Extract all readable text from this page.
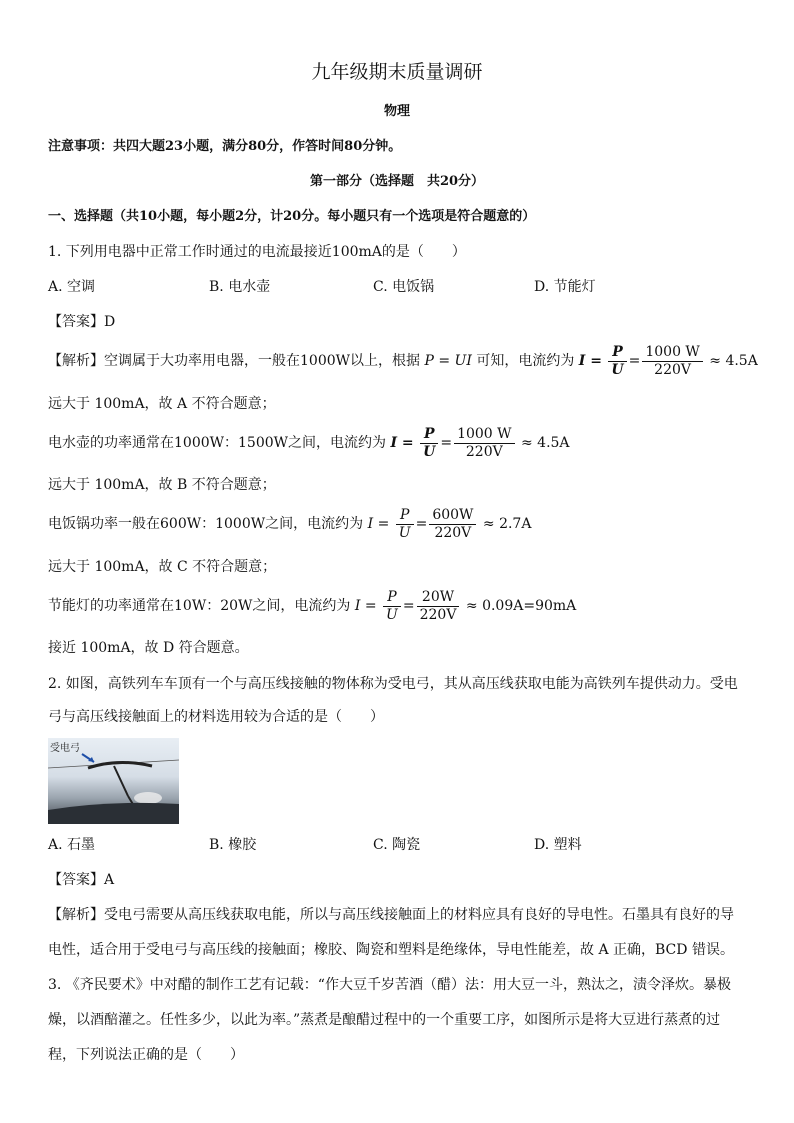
九年级期末质量调研
物理
注意事项：共四大题23小题，满分80分，作答时间80分钟。
第一部分（选择题　共20分）
一、选择题（共10小题，每小题2分，计20分。每小题只有一个选项是符合题意的）
1. 下列用电器中正常工作时通过的电流最接近100mA的是（　　）
A. 空调	B. 电水壶	C. 电饭锅	D. 节能灯
【答案】D
【解析】空调属于大功率用电器，一般在1000W以上，根据 P = UI 可知，电流约为 $I = \frac{P}{U} = \frac{1000 W}{220V} \approx 4.5A$
远大于 100mA，故 A 不符合题意；
电水壶的功率通常在1000W：1500W之间，电流约为 $I = \frac{P}{U} = \frac{1000 W}{220V} \approx 4.5A$
远大于 100mA，故 B 不符合题意；
电饭锅功率一般在600W：1000W之间，电流约为 $I = \frac{P}{U} = \frac{600W}{220V} \approx 2.7A$
远大于 100mA，故 C 不符合题意；
节能灯的功率通常在10W：20W之间，电流约为 $I = \frac{P}{U} = \frac{20W}{220V} \approx 0.09A=90mA$
接近 100mA，故 D 符合题意。
2. 如图，高铁列车车顶有一个与高压线接触的物体称为受电弓，其从高压线获取电能为高铁列车提供动力。受电
弓与高压线接触面上的材料选用较为合适的是（　　）
受电弓
A. 石墨	B. 橡胶	C. 陶瓷	D. 塑料
【答案】A
【解析】受电弓需要从高压线获取电能，所以与高压线接触面上的材料应具有良好的导电性。石墨具有良好的导
电性，适合用于受电弓与高压线的接触面；橡胶、陶瓷和塑料是绝缘体，导电性能差，故 A 正确，BCD 错误。
3. 《齐民要术》中对醋的制作工艺有记载：“作大豆千岁苦酒（醋）法：用大豆一斗，熟汰之，渍令泽炊。暴极
燥，以酒醅灌之。任性多少，以此为率。”蒸煮是酿醋过程中的一个重要工序，如图所示是将大豆进行蒸煮的过
程，下列说法正确的是（　　）
